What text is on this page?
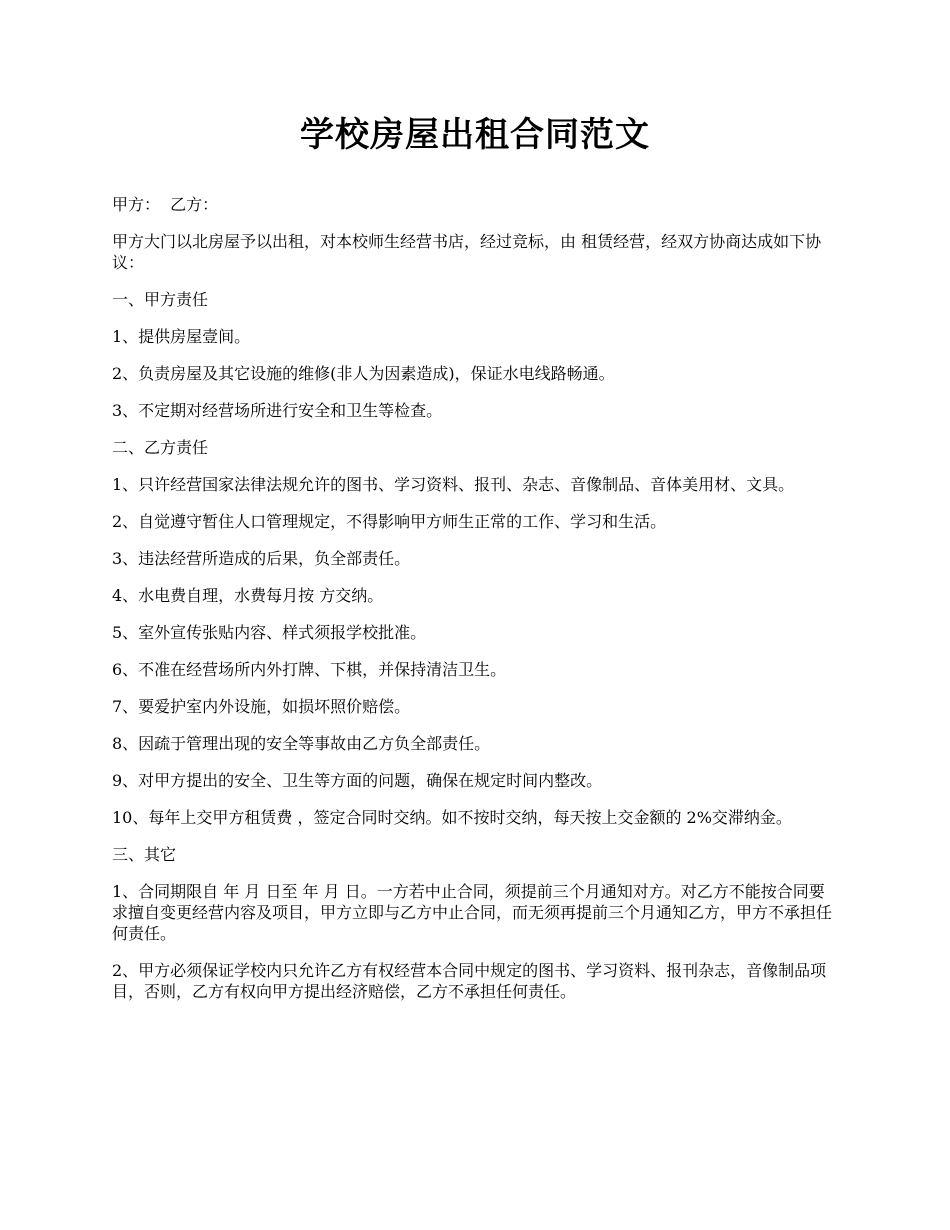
学校房屋出租合同范文

甲方：  乙方：

甲方大门以北房屋予以出租，对本校师生经营书店，经过竞标，由 租赁经营，经双方协商达成如下协议：

一、甲方责任

1、提供房屋壹间。

2、负责房屋及其它设施的维修(非人为因素造成)，保证水电线路畅通。

3、不定期对经营场所进行安全和卫生等检查。

二、乙方责任

1、只许经营国家法律法规允许的图书、学习资料、报刊、杂志、音像制品、音体美用材、文具。

2、自觉遵守暂住人口管理规定，不得影响甲方师生正常的工作、学习和生活。

3、违法经营所造成的后果，负全部责任。

4、水电费自理，水费每月按 方交纳。

5、室外宣传张贴内容、样式须报学校批准。

6、不准在经营场所内外打牌、下棋，并保持清洁卫生。

7、要爱护室内外设施，如损坏照价赔偿。

8、因疏于管理出现的安全等事故由乙方负全部责任。

9、对甲方提出的安全、卫生等方面的问题，确保在规定时间内整改。

10、每年上交甲方租赁费 ，签定合同时交纳。如不按时交纳，每天按上交金额的 2%交滞纳金。

三、其它

1、合同期限自 年 月 日至 年 月 日。一方若中止合同，须提前三个月通知对方。对乙方不能按合同要求擅自变更经营内容及项目，甲方立即与乙方中止合同，而无须再提前三个月通知乙方，甲方不承担任何责任。

2、甲方必须保证学校内只允许乙方有权经营本合同中规定的图书、学习资料、报刊杂志，音像制品项目，否则，乙方有权向甲方提出经济赔偿，乙方不承担任何责任。
